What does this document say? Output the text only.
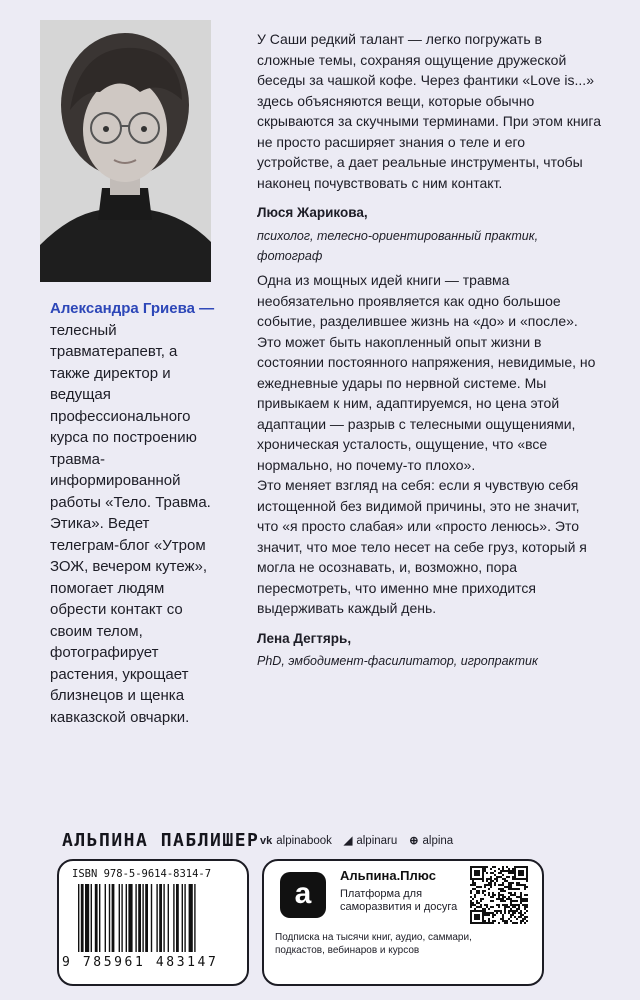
Александра Гриева — телесный травматерапевт, а также директор и ведущая профессионального курса по построению травма-информированной работы «Тело. Травма. Этика». Ведет телеграм-блог «Утром ЗОЖ, вечером кутеж», помогает людям обрести контакт со своим телом, фотографирует растения, укрощает близнецов и щенка кавказской овчарки.

У Саши редкий талант — легко погружать в сложные темы, сохраняя ощущение дружеской беседы за чашкой кофе. Через фантики «Love is...» здесь объясняются вещи, которые обычно скрываются за скучными терминами. При этом книга не просто расширяет знания о теле и его устройстве, а дает реальные инструменты, чтобы наконец почувствовать с ним контакт.

Люся Жарикова,
психолог, телесно-ориентированный практик, фотограф

Одна из мощных идей книги — травма необязательно проявляется как одно большое событие, разделившее жизнь на «до» и «после». Это может быть накопленный опыт жизни в состоянии постоянного напряжения, невидимые, но ежедневные удары по нервной системе. Мы привыкаем к ним, адаптируемся, но цена этой адаптации — разрыв с телесными ощущениями, хроническая усталость, ощущение, что «все нормально, но почему-то плохо».

Это меняет взгляд на себя: если я чувствую себя истощенной без видимой причины, это не значит, что «я просто слабая» или «просто ленюсь». Это значит, что мое тело несет на себе груз, который я могла не осознавать, и, возможно, пора пересмотреть, что именно мне приходится выдерживать каждый день.

Лена Дегтярь,
PhD, эмбодимент-фасилитатор, игропрактик
АЛЬПИНА ПАБЛИШЕР vk alpinabook ◢ alpinaru ⊕ alpina
ISBN 978-5-9614-8314-7
9 785961 483147
a
Альпина.Плюс
Платформа для саморазвития и досуга
Подписка на тысячи книг, аудио, саммари, подкастов, вебинаров и курсов
